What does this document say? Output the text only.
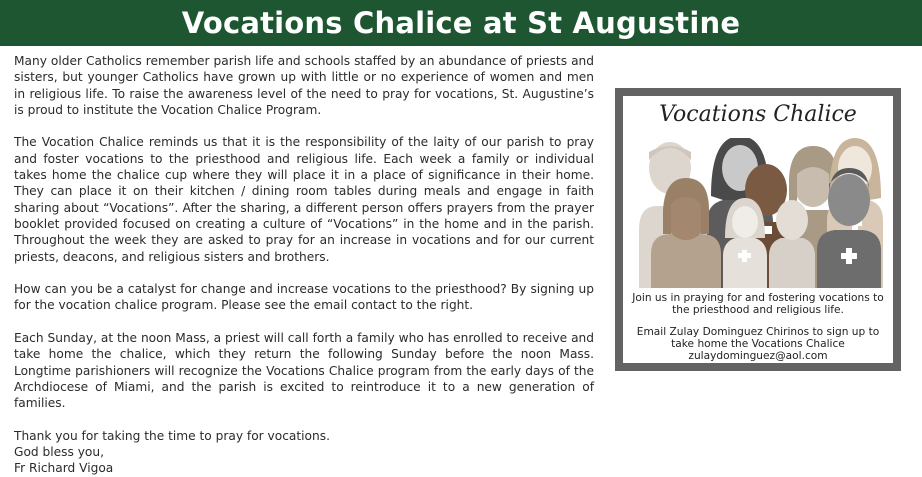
Vocations Chalice at St Augustine

Many older Catholics remember parish life and schools staffed by an abundance of priests and sisters, but younger Catholics have grown up with little or no experience of women and men in religious life. To raise the awareness level of the need to pray for vocations, St. Augustine’s is proud to institute the Vocation Chalice Program.

The Vocation Chalice reminds us that it is the responsibility of the laity of our parish to pray and foster vocations to the priesthood and religious life. Each week a family or individual takes home the chalice cup where they will place it in a place of significance in their home. They can place it on their kitchen / dining room tables during meals and engage in faith sharing about “Vocations”. After the sharing, a different person offers prayers from the prayer booklet provided focused on creating a culture of “Vocations” in the home and in the parish. Throughout the week they are asked to pray for an increase in vocations and for our current priests, deacons, and religious sisters and brothers.

How can you be a catalyst for change and increase vocations to the priesthood? By signing up for the vocation chalice program. Please see the email contact to the right.

Each Sunday, at the noon Mass, a priest will call forth a family who has enrolled to receive and take home the chalice, which they return the following Sunday before the noon Mass. Longtime parishioners will recognize the Vocations Chalice program from the early days of the Archdiocese of Miami, and the parish is excited to reintroduce it to a new generation of families.

Thank you for taking the time to pray for vocations.

God bless you,

Fr Richard Vigoa

Vocations Chalice
Join us in praying for and fostering vocations to the priesthood and religious life.
Email Zulay Dominguez Chirinos to sign up to take home the Vocations Chalice
zulaydominguez@aol.com
